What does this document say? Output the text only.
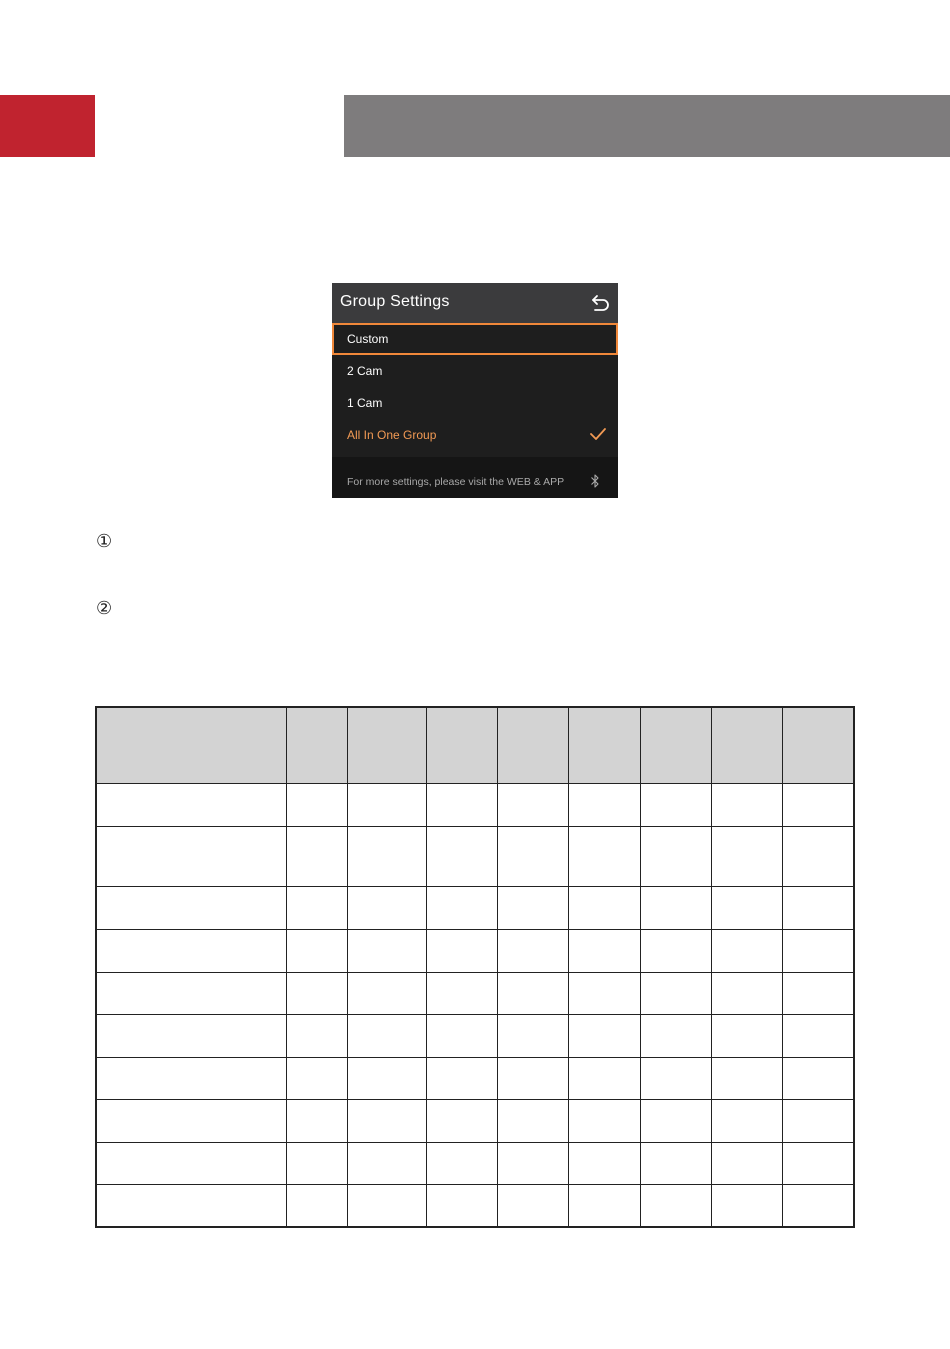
Group Settings
Custom
2 Cam
1 Cam
All In One Group
For more settings, please visit the WEB & APP
①
②
